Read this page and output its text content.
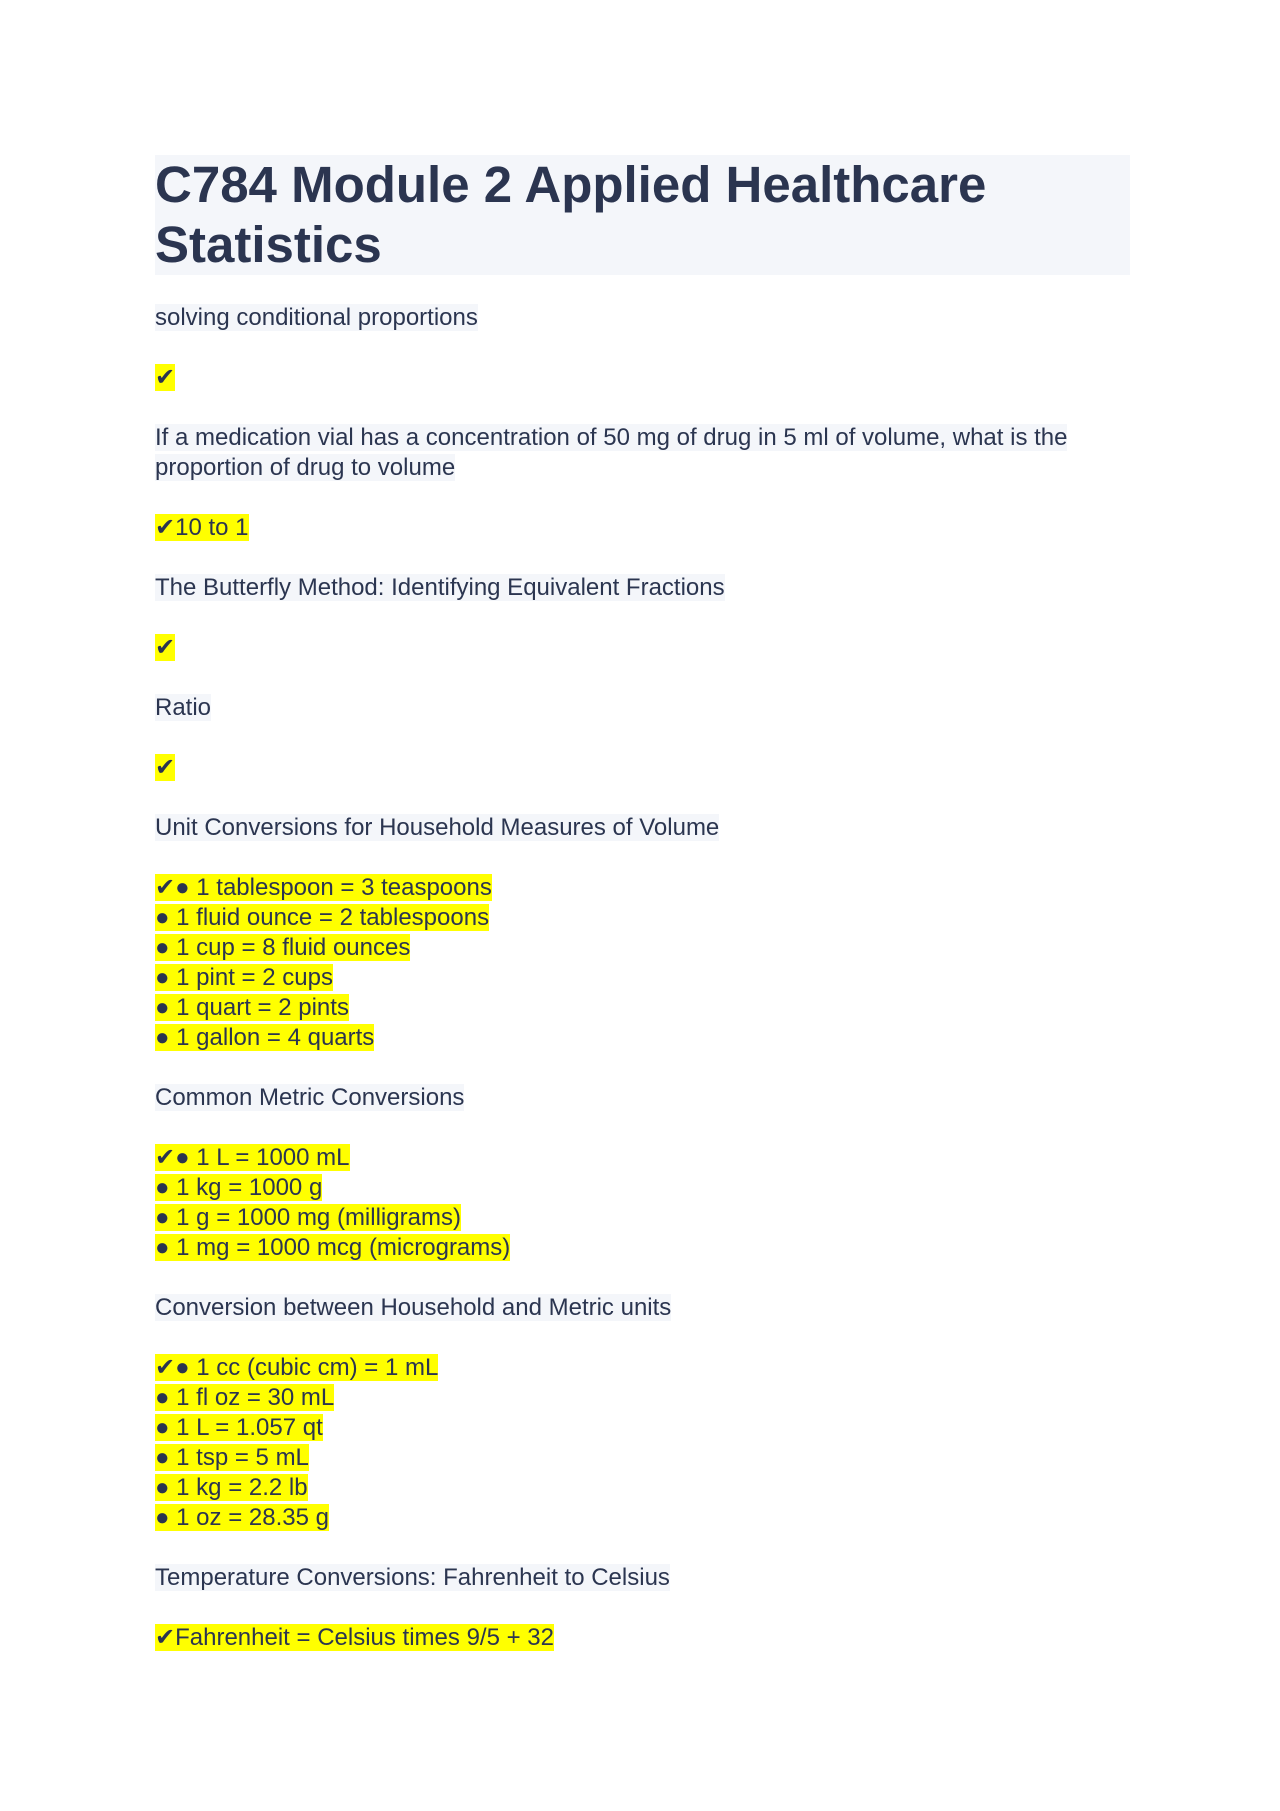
C784 Module 2 Applied Healthcare Statistics

solving conditional proportions

✔

If a medication vial has a concentration of 50 mg of drug in 5 ml of volume, what is the proportion of drug to volume

✔10 to 1

The Butterfly Method: Identifying Equivalent Fractions

✔

Ratio

✔

Unit Conversions for Household Measures of Volume

✔● 1 tablespoon = 3 teaspoons
● 1 fluid ounce = 2 tablespoons
● 1 cup = 8 fluid ounces
● 1 pint = 2 cups
● 1 quart = 2 pints
● 1 gallon = 4 quarts

Common Metric Conversions

✔● 1 L = 1000 mL
● 1 kg = 1000 g
● 1 g = 1000 mg (milligrams)
● 1 mg = 1000 mcg (micrograms)

Conversion between Household and Metric units

✔● 1 cc (cubic cm) = 1 mL
● 1 fl oz = 30 mL
● 1 L = 1.057 qt
● 1 tsp = 5 mL
● 1 kg = 2.2 lb
● 1 oz = 28.35 g

Temperature Conversions: Fahrenheit to Celsius

✔Fahrenheit = Celsius times 9/5 + 32
